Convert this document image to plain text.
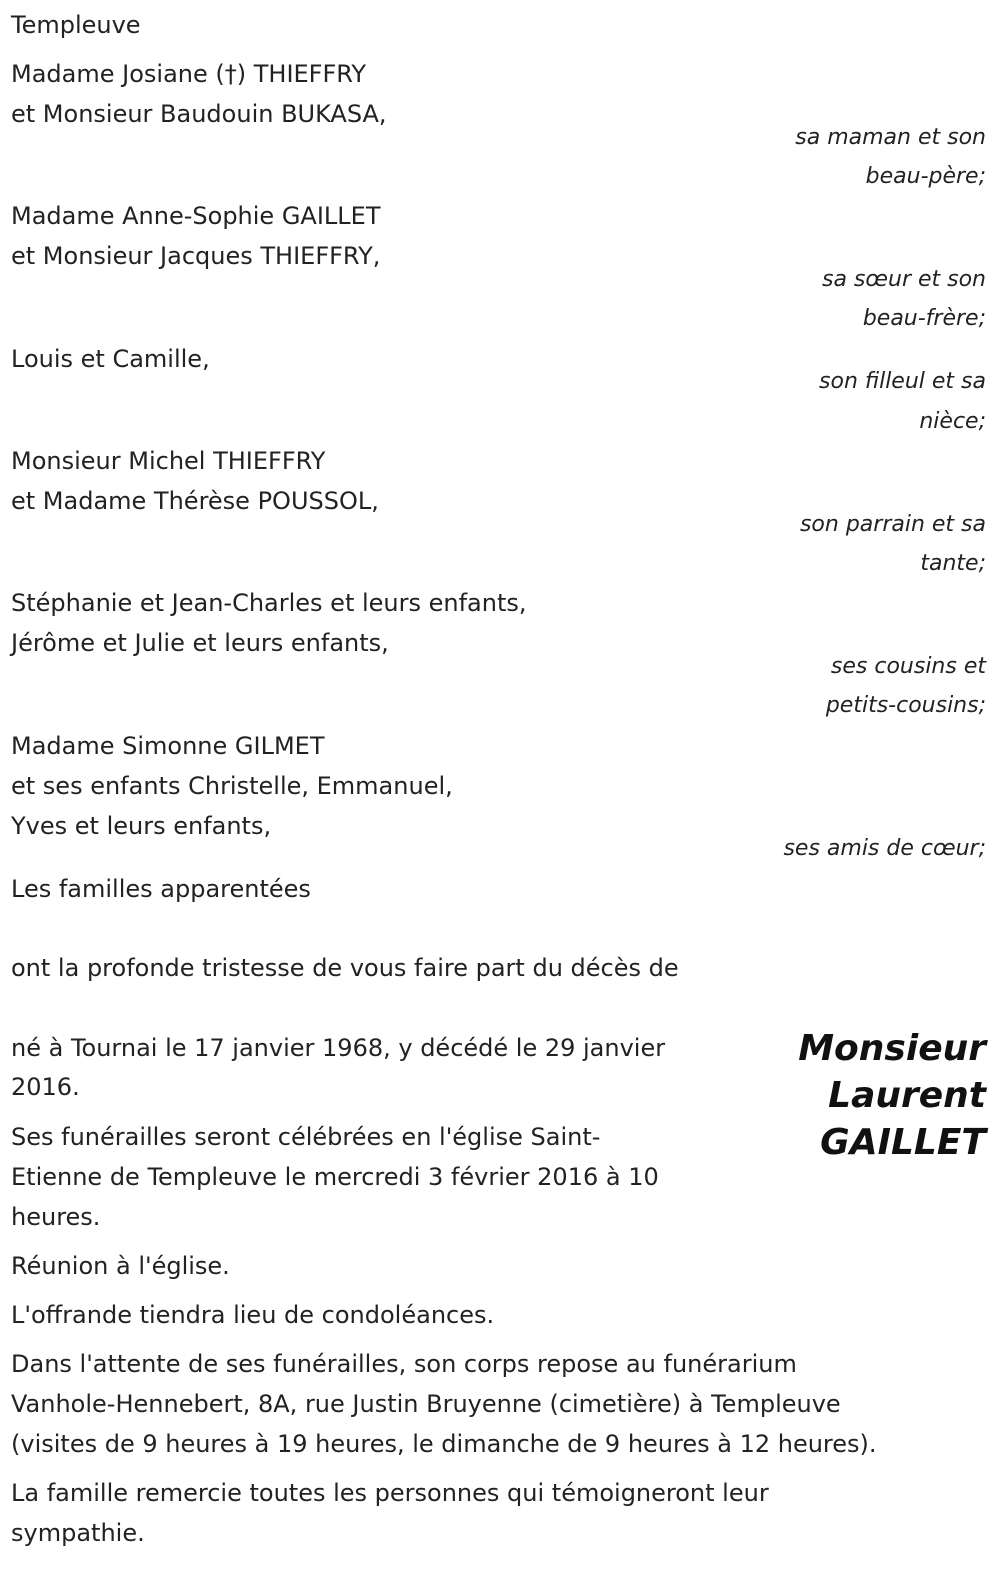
Templeuve
Madame Josiane (†) THIEFFRY
et Monsieur Baudouin BUKASA,
sa maman et son
beau-père;
Madame Anne-Sophie GAILLET
et Monsieur Jacques THIEFFRY,
sa sœur et son
beau-frère;
Louis et Camille,
son filleul et sa
nièce;
Monsieur Michel THIEFFRY
et Madame Thérèse POUSSOL,
son parrain et sa
tante;
Stéphanie et Jean-Charles et leurs enfants,
Jérôme et Julie et leurs enfants,
ses cousins et
petits-cousins;
Madame Simonne GILMET
et ses enfants Christelle, Emmanuel,
Yves et leurs enfants,
ses amis de cœur;
Les familles apparentées
ont la profonde tristesse de vous faire part du décès de
Monsieur
Laurent
GAILLET
né à Tournai le 17 janvier 1968, y décédé le 29 janvier
2016.
Ses funérailles seront célébrées en l'église Saint-
Etienne de Templeuve le mercredi 3 février 2016 à 10
heures.
Réunion à l'église.
L'offrande tiendra lieu de condoléances.
Dans l'attente de ses funérailles, son corps repose au funérarium
Vanhole-Hennebert, 8A, rue Justin Bruyenne (cimetière) à Templeuve
(visites de 9 heures à 19 heures, le dimanche de 9 heures à 12 heures).
La famille remercie toutes les personnes qui témoigneront leur
sympathie.
